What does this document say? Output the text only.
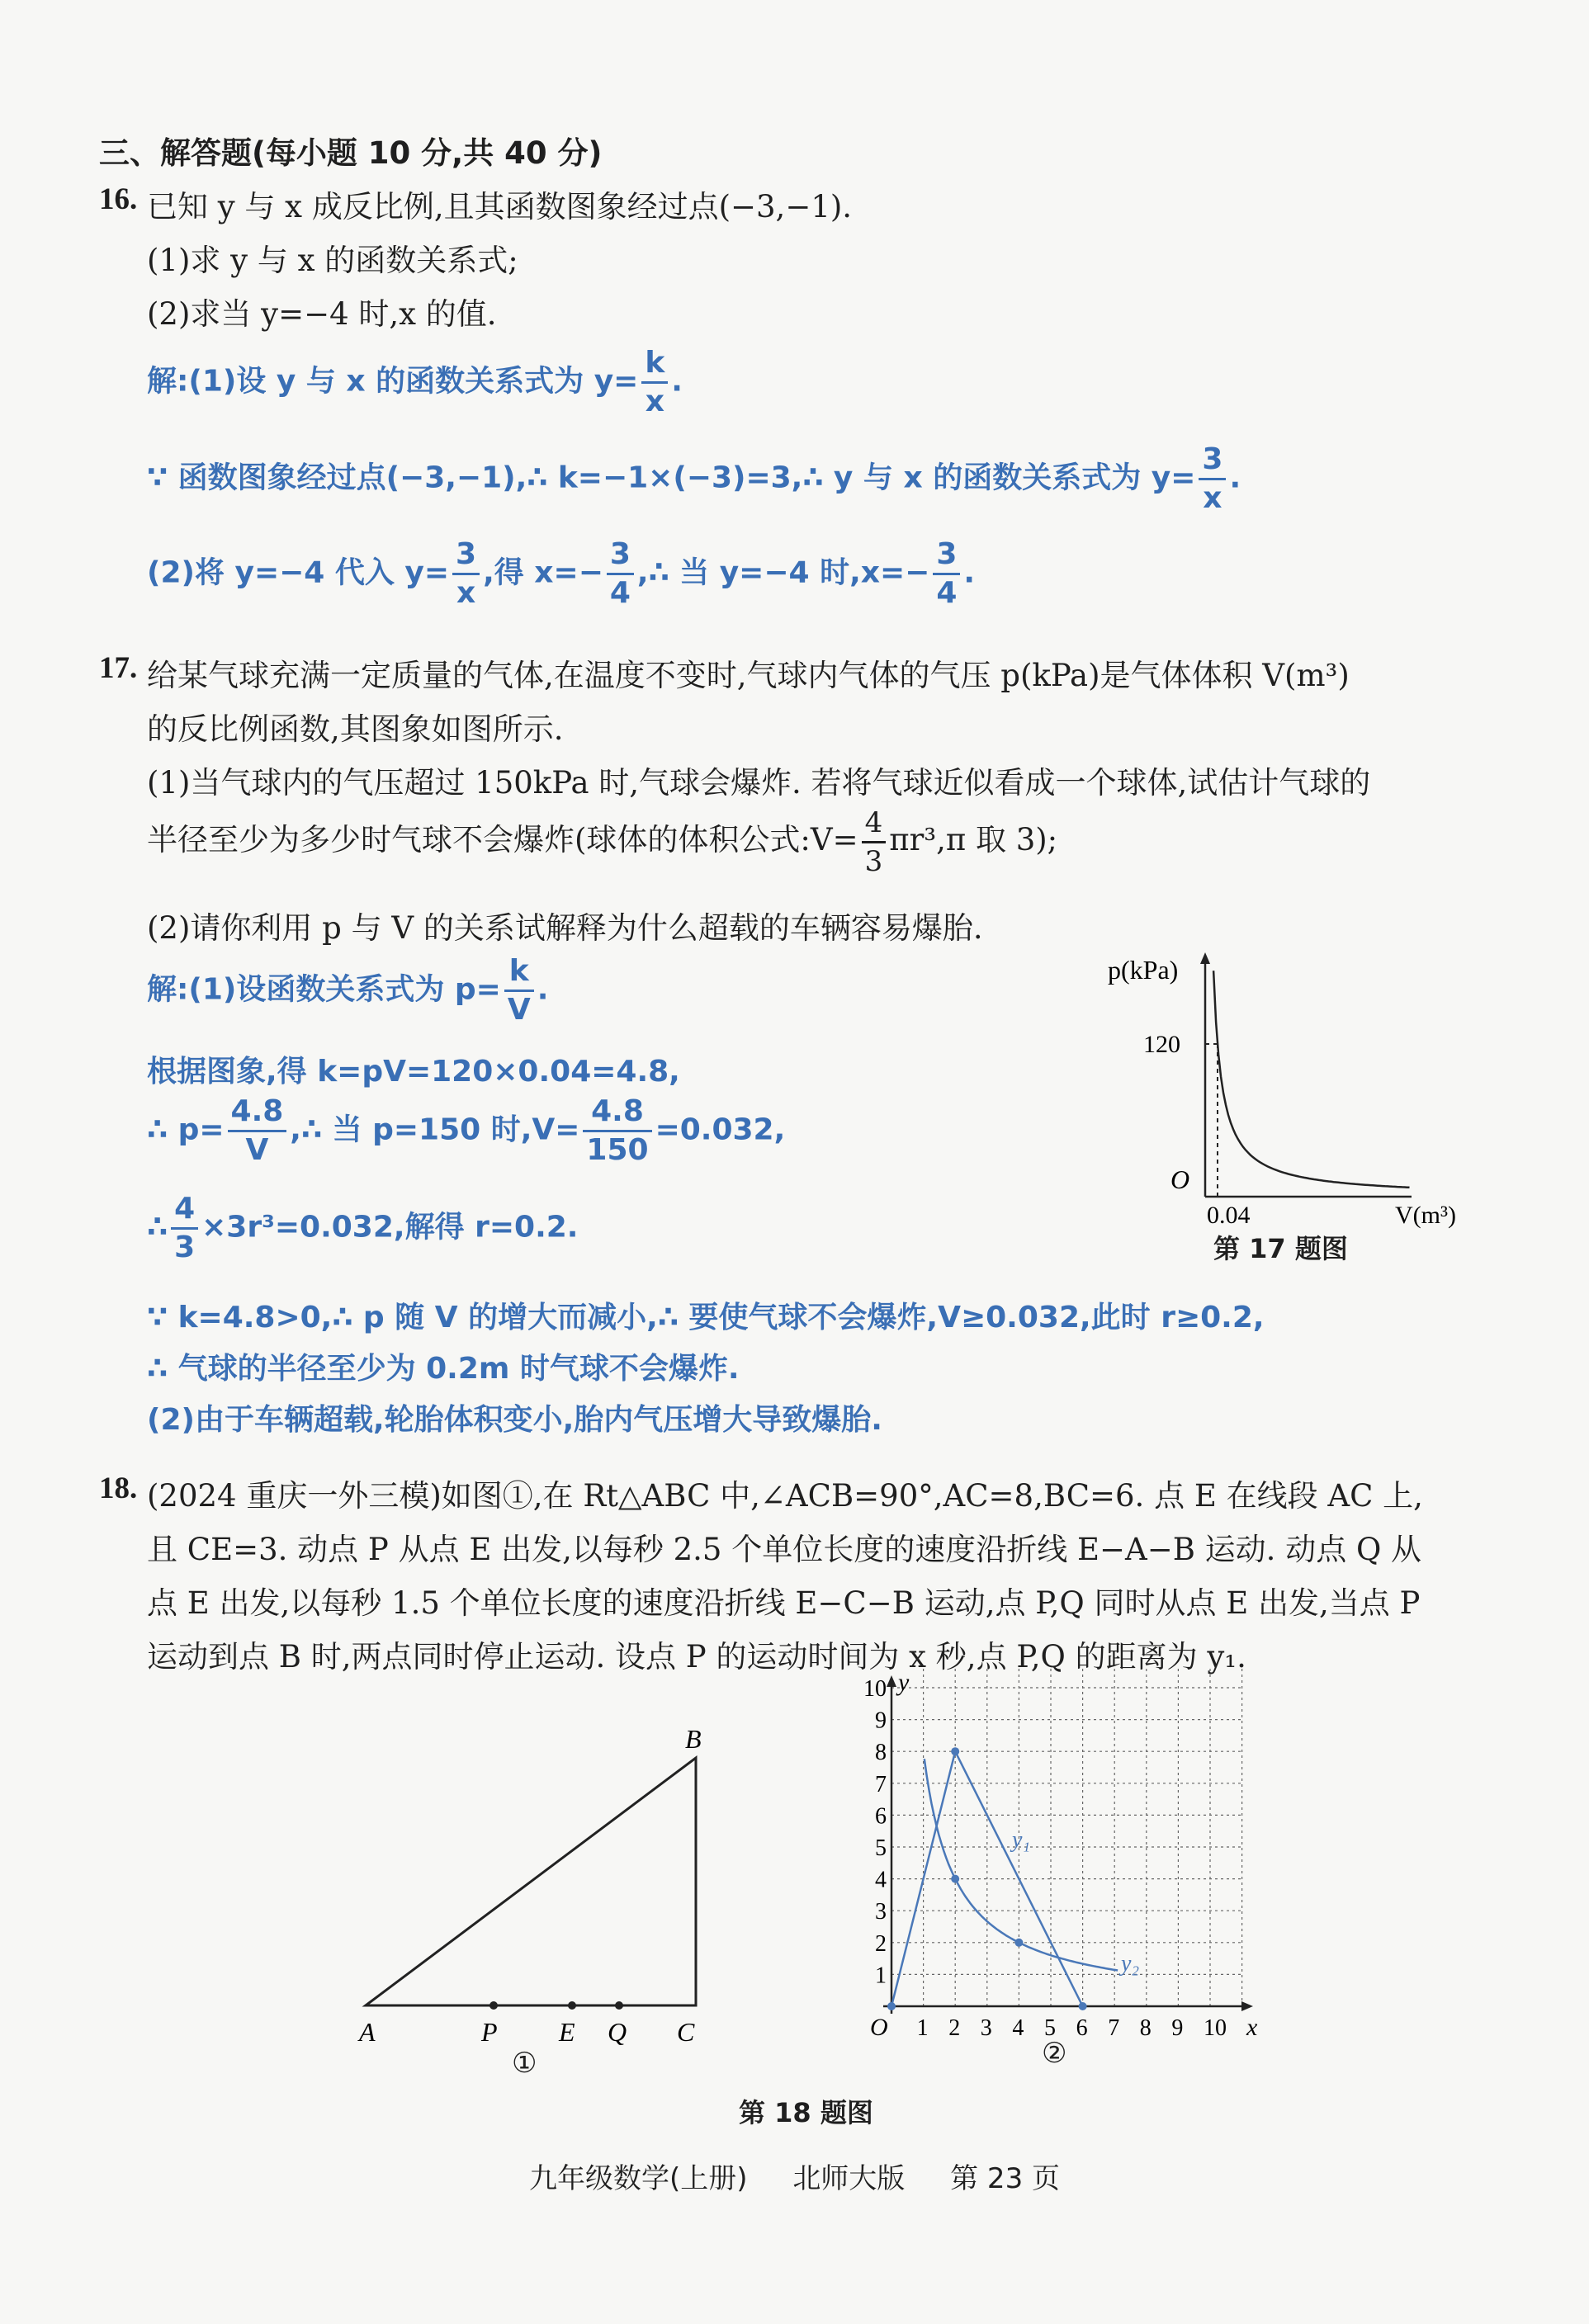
三、解答题(每小题 10 分,共 40 分)
16. 已知 y 与 x 成反比例,且其函数图象经过点(−3,−1).
(1)求 y 与 x 的函数关系式;
(2)求当 y=−4 时,x 的值.
解:(1)设 y 与 x 的函数关系式为 $y= \frac{k}{x}$ .
∵ 函数图象经过点(−3,−1),∴ k=−1×(−3)=3,∴ y 与 x 的函数关系式为 $y= \frac{3}{x}$ .
(2)将 y=−4 代入 $y= \frac{3}{x}$ ,得 $x=- \frac{3}{4}$ ,∴ 当 y=−4 时$,x=- \frac{3}{4}$ .
17. 给某气球充满一定质量的气体,在温度不变时,气球内气体的气压 p(kPa)是气体体积 V(m³)
的反比例函数,其图象如图所示.
(1)当气球内的气压超过 150kPa 时,气球会爆炸. 若将气球近似看成一个球体,试估计气球的
半径至少为多少时气球不会爆炸(球体的体积公式:V= $\frac{4}{3} \pi r^3,\pi$ 取 3);
(2)请你利用 p 与 V 的关系试解释为什么超载的车辆容易爆胎.
解:(1)设函数关系式为 $p= \frac{k}{V}$ .
根据图象,得 k=pV=120×0.04=4.8,
∴ $p= \frac{4.8}{V}$ ,∴ 当 p=150 时$,V= \frac{4.8}{150} =0.032$,
∴ $\frac{4}{3} \times 3r^3=0.032$,解得 r=0.2.
∵ k=4.8>0,∴ p 随 V 的增大而减小,∴ 要使气球不会爆炸,V≥0.032,此时 r≥0.2,
∴ 气球的半径至少为 0.2m 时气球不会爆炸.
(2)由于车辆超载,轮胎体积变小,胎内气压增大导致爆胎.
p(kPa)
120
O
0.04	V(m³)
第 17 题图
18. (2024 重庆一外三模)如图①,在 Rt△ABC 中,∠ACB=90°,AC=8,BC=6. 点 E 在线段 AC 上,
且 CE=3. 动点 P 从点 E 出发,以每秒 2.5 个单位长度的速度沿折线 E−A−B 运动. 动点 Q 从
点 E 出发,以每秒 1.5 个单位长度的速度沿折线 E−C−B 运动,点 P,Q 同时从点 E 出发,当点 P
运动到点 B 时,两点同时停止运动. 设点 P 的运动时间为 x 秒,点 P,Q 的距离为 y₁.
A
B
C
P E Q
①
1 2 3 4 5 6 7 8 9 10
1
2
3
4
5
6
7
8
9
10
O	x
y
y₁
y₂
②
第 18 题图
九年级数学(上册) 北师大版 第 23 页
